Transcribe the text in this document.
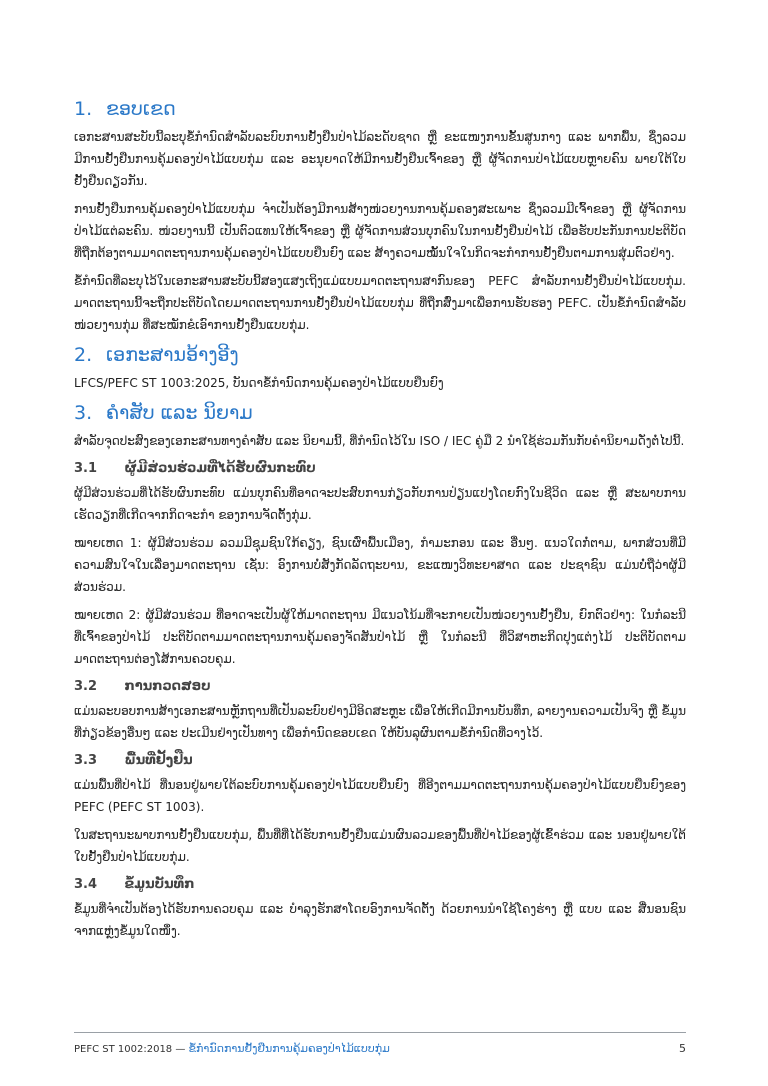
1. ຂອບເຂດ

ເອກະສານສະບັບນີ້ລະບຸຂໍ້ກໍານົດສໍາລັບລະບົບການຢັ້ງຢືນປ່າໄມ້ລະດັບຊາດ ຫຼື ຂະແໜງການຂັ້ນສູນກາງ ແລະ ພາກພື້ນ, ຊຶ່ງລວມມີການຢັ້ງຢືນການຄຸ້ມຄອງປ່າໄມ້ແບບກຸ່ມ ແລະ ອະນຸຍາດໃຫ້ມີການຢັ້ງຢືນເຈົ້າຂອງ ຫຼື ຜູ້ຈັດການປ່າໄມ້ແບບຫຼາຍຄົນ ພາຍໃຕ້ໃບຢັ້ງຢືນດຽວກັນ.

ການຢັ້ງຢືນການຄຸ້ມຄອງປ່າໄມ້ແບບກຸ່ມ ຈໍາເປັນຕ້ອງມີການສ້າງໜ່ວຍງານການຄຸ້ມຄອງສະເພາະ ຊຶ່ງລວມມີເຈົ້າຂອງ ຫຼື ຜູ້ຈັດການປ່າໄມ້ແຕ່ລະຄົນ. ໜ່ວຍງານນີ້ ເປັນຕົວແທນໃຫ້ເຈົ້າຂອງ ຫຼື ຜູ້ຈັດການສ່ວນບຸກຄົນໃນການຢັ້ງຢືນປ່າໄມ້ ເພື່ອຮັບປະກັນການປະຕິບັດ ທີ່ຖືກຕ້ອງຕາມມາດຕະຖານການຄຸ້ມຄອງປ່າໄມ້ແບບຍືນຍົງ ແລະ ສ້າງຄວາມໝັ້ນໃຈໃນກິດຈະກໍາການຢັ້ງຢືນຕາມການສຸ່ມຕົວຢ່າງ.

ຂໍ້ກໍານົດທີ່ລະບຸໄວ້ໃນເອກະສານສະບັບນີ້ສອງແສງເຖິງແມ່ແບບມາດຕະຖານສາກົນຂອງ PEFC ສໍາລັບການຢັ້ງຢືນປ່າໄມ້ແບບກຸ່ມ. ມາດຕະຖານນີ້ຈະຖືກປະຕິບັດໂດຍມາດຕະຖານການຢັ້ງຢືນປ່າໄມ້ແບບກຸ່ມ ທີ່ຖືກສົ່ງມາເພື່ອການຮັບຮອງ PEFC. ເປັນຂໍ້ກໍານົດສໍາລັບ ໜ່ວຍງານກຸ່ມ ທີ່ສະໝັກຂໍເອົາການຢັ້ງຢືນແບບກຸ່ມ.

2. ເອກະສານອ້າງອີງ

LFCS/PEFC ST 1003:2025, ບັນດາຂໍ້ກໍານົດການຄຸ້ມຄອງປ່າໄມ້ແບບຍືນຍົງ

3. ຄໍາສັບ ແລະ ນິຍາມ

ສໍາລັບຈຸດປະສົງຂອງເອກະສານທາງຄໍາສັບ ແລະ ນິຍາມນີ້, ທີ່ກໍານົດໄວ້ໃນ ISO / IEC ຄູ່ມື 2 ນໍາໃຊ້ຮ່ວມກັນກັບຄໍານິຍາມດັ່ງຕໍ່ໄປນີ້.

3.1 ຜູ້ມີສ່ວນຮ່ວມທີ່ໄດ້ຮັບຜົນກະທົບ

ຜູ້ມີສ່ວນຮ່ວມທີ່ໄດ້ຮັບຜົນກະທົບ ແມ່ນບຸກຄົນທີ່ອາດຈະປະສົບການກ່ຽວກັບການປ່ຽນແປງໂດຍກົງໃນຊີວິດ ແລະ ຫຼື ສະພາບການເຮັດວຽກທີ່ເກີດຈາກກິດຈະກໍາ ຂອງການຈັດຕັ້ງກຸ່ມ.

ໝາຍເຫດ 1: ຜູ້ມີສ່ວນຮ່ວມ ລວມມີຊຸມຊົນໃກ້ຄຽງ, ຊົນເຜົ່າພື້ນເມືອງ, ກໍາມະກອນ ແລະ ອື່ນໆ. ແນວໃດກໍ່ຕາມ, ພາກສ່ວນທີ່ມີຄວາມສົນໃຈໃນເລື່ອງມາດຕະຖານ ເຊັ່ນ: ອົງການບໍ່ສັງກັດລັດຖະບານ, ຂະແໜງວິທະຍາສາດ ແລະ ປະຊາຊົນ ແມ່ນບໍ່ຖືວ່າຜູ້ມີສ່ວນຮ່ວມ.

ໝາຍເຫດ 2: ຜູ້ມີສ່ວນຮ່ວມ ທີ່ອາດຈະເປັນຜູ້ໃຫ້ມາດຕະຖານ ມີແນວໂນ້ມທີ່ຈະກາຍເປັນໜ່ວຍງານຢັ້ງຢືນ, ຍົກຕົວຢ່າງ: ໃນກໍລະນີ ທີ່ເຈົ້າຂອງປ່າໄມ້ ປະຕິບັດຕາມມາດຕະຖານການຄຸ້ມຄອງຈັດສັນປ່າໄມ້ ຫຼື ໃນກໍລະນີ ທີ່ວິສາຫະກິດປຸງແຕ່ງໄມ້ ປະຕິບັດຕາມມາດຕະຖານຕ່ອງໂສ້ການຄວບຄຸມ.

3.2 ການກວດສອບ

ແມ່ນລະບອບການສ້າງເອກະສານຫຼັກຖານທີ່ເປັນລະບົບຢ່າງມີອິດສະຫຼະ ເພື່ອໃຫ້ເກີດມີການບັນທຶກ, ລາຍງານຄວາມເປັນຈິງ ຫຼື ຂໍ້ມູນທີ່ກ່ຽວຂ້ອງອື່ນໆ ແລະ ປະເມີນຢ່າງເປັນທາງ ເພື່ອກໍານົດຂອບເຂດ ໃຫ້ບັນລຸຜົນຕາມຂໍ້ກໍານົດທີ່ວາງໄວ້.

3.3 ພື້ນທີ່ຢັ້ງຢືນ

ແມ່ນພື້ນທີ່ປ່າໄມ້ ທີ່ນອນຢູ່ພາຍໃຕ້ລະບົບການຄຸ້ມຄອງປ່າໄມ້ແບບຍືນຍົງ ທີ່ອີງຕາມມາດຕະຖານການຄຸ້ມຄອງປ່າໄມ້ແບບຍືນຍົງຂອງ PEFC (PEFC ST 1003).

ໃນສະຖານະພາບການຢັ້ງຢືນແບບກຸ່ມ, ພື້ນທີ່ທີ່ໄດ້ຮັບການຢັ້ງຢືນແມ່ນຜົນລວມຂອງພື້ນທີ່ປ່າໄມ້ຂອງຜູ້ເຂົ້າຮ່ວມ ແລະ ນອນຢູ່ພາຍໃຕ້ໃບຢັ້ງຢືນປ່າໄມ້ແບບກຸ່ມ.

3.4 ຂໍ້ມູນບັນທຶກ

ຂໍ້ມູນທີ່ຈໍາເປັນຕ້ອງໄດ້ຮັບການຄວບຄຸມ ແລະ ບໍາລຸງຮັກສາໂດຍອົງການຈັດຕັ້ງ ດ້ວຍການນໍາໃຊ້ໂຄງຮ່າງ ຫຼື ແບບ ແລະ ສື່ນອນຊົນຈາກແຫຼ່ງຂໍ້ມູນໃດໜຶ່ງ.

PEFC ST 1002:2018 — ຂໍ້ກໍານົດການຢັ້ງຢືນການຄຸ້ມຄອງປ່າໄມ້ແບບກຸ່ມ	5
